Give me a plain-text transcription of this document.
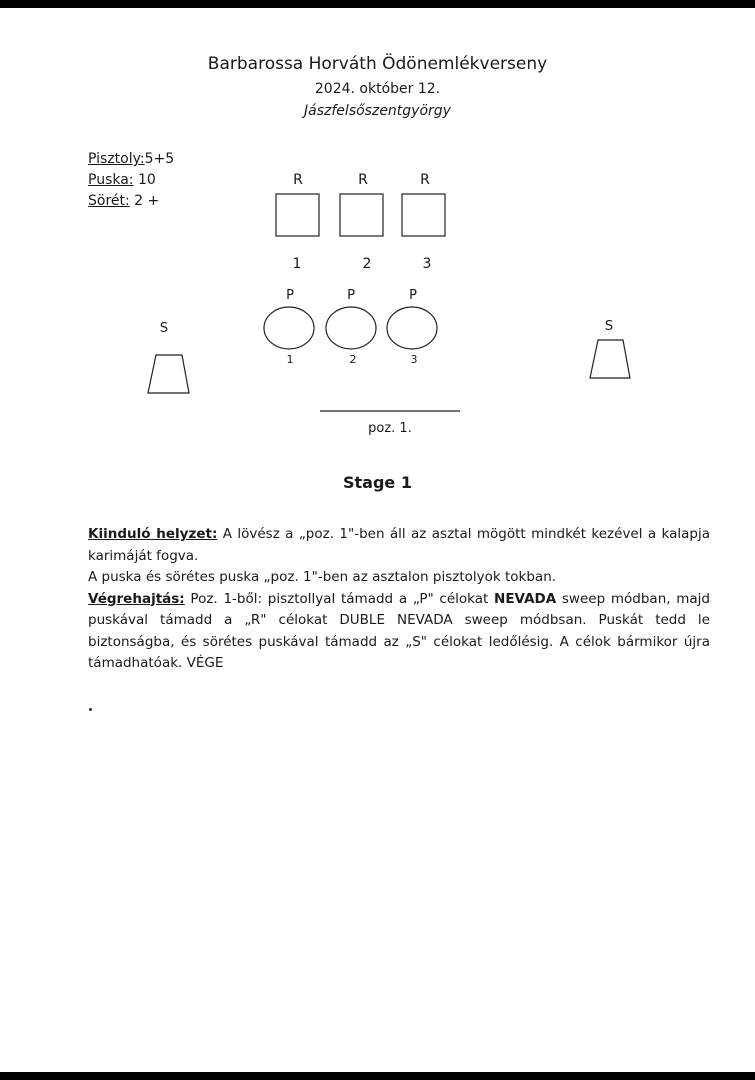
Barbarossa Horváth Ödönemlékverseny
2024. október 12.
Jászfelsőszentgyörgy
Pisztoly:5+5
Puska: 10
Sörét: 2 +
R	R	R
1	2	3
P	P	P
1	2	3
S	S
poz. 1.
Stage 1

Kiinduló helyzet: A lövész a „poz. 1"-ben áll az asztal mögött mindkét kezével a kalapja karimáját fogva.

A puska és sörétes puska „poz. 1"-ben az asztalon pisztolyok tokban.

Végrehajtás: Poz. 1-ből: pisztollyal támadd a „P" célokat NEVADA sweep módban, majd puskával támadd a „R" célokat DUBLE NEVADA sweep módbsan. Puskát tedd le biztonságba, és sörétes puskával támadd az „S" célokat ledőlésig. A célok bármikor újra támadhatóak. VÉGE
